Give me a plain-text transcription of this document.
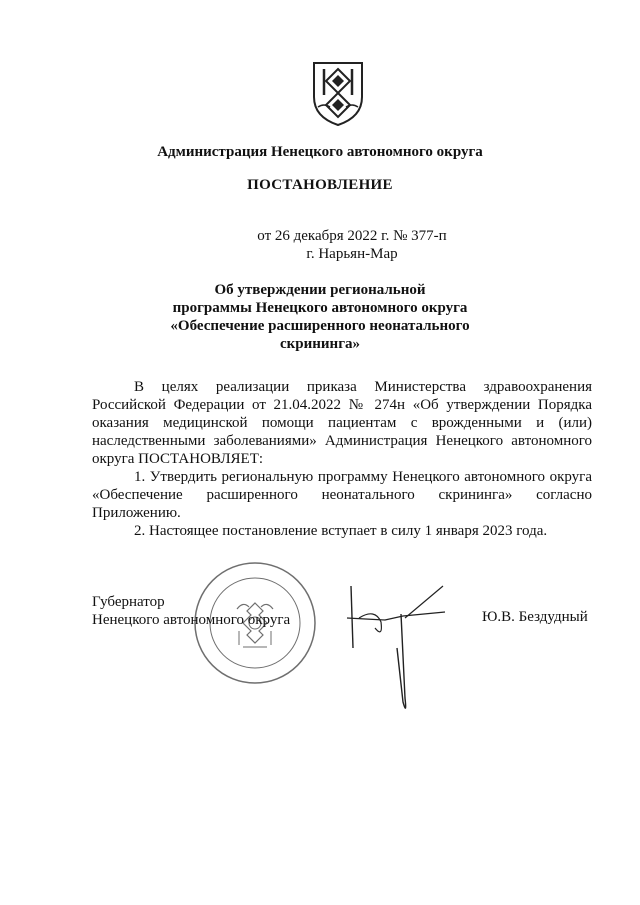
Администрация Ненецкого автономного округа
ПОСТАНОВЛЕНИЕ
от 26 декабря 2022 г. № 377-п
г. Нарьян-Мар
Об утверждении региональной
программы Ненецкого автономного округа
«Обеспечение расширенного неонатального
скрининга»

В целях реализации приказа Министерства здравоохранения Российской Федерации от 21.04.2022 № 274н «Об утверждении Порядка оказания медицинской помощи пациентам с врожденными и (или) наследственными заболеваниями» Администрация Ненецкого автономного округа ПОСТАНОВЛЯЕТ:

1. Утвердить региональную программу Ненецкого автономного округа «Обеспечение расширенного неонатального скрининга» согласно Приложению.

2. Настоящее постановление вступает в силу 1 января 2023 года.

Губернатор
Ненецкого автономного округа	Ю.В. Бездудный
